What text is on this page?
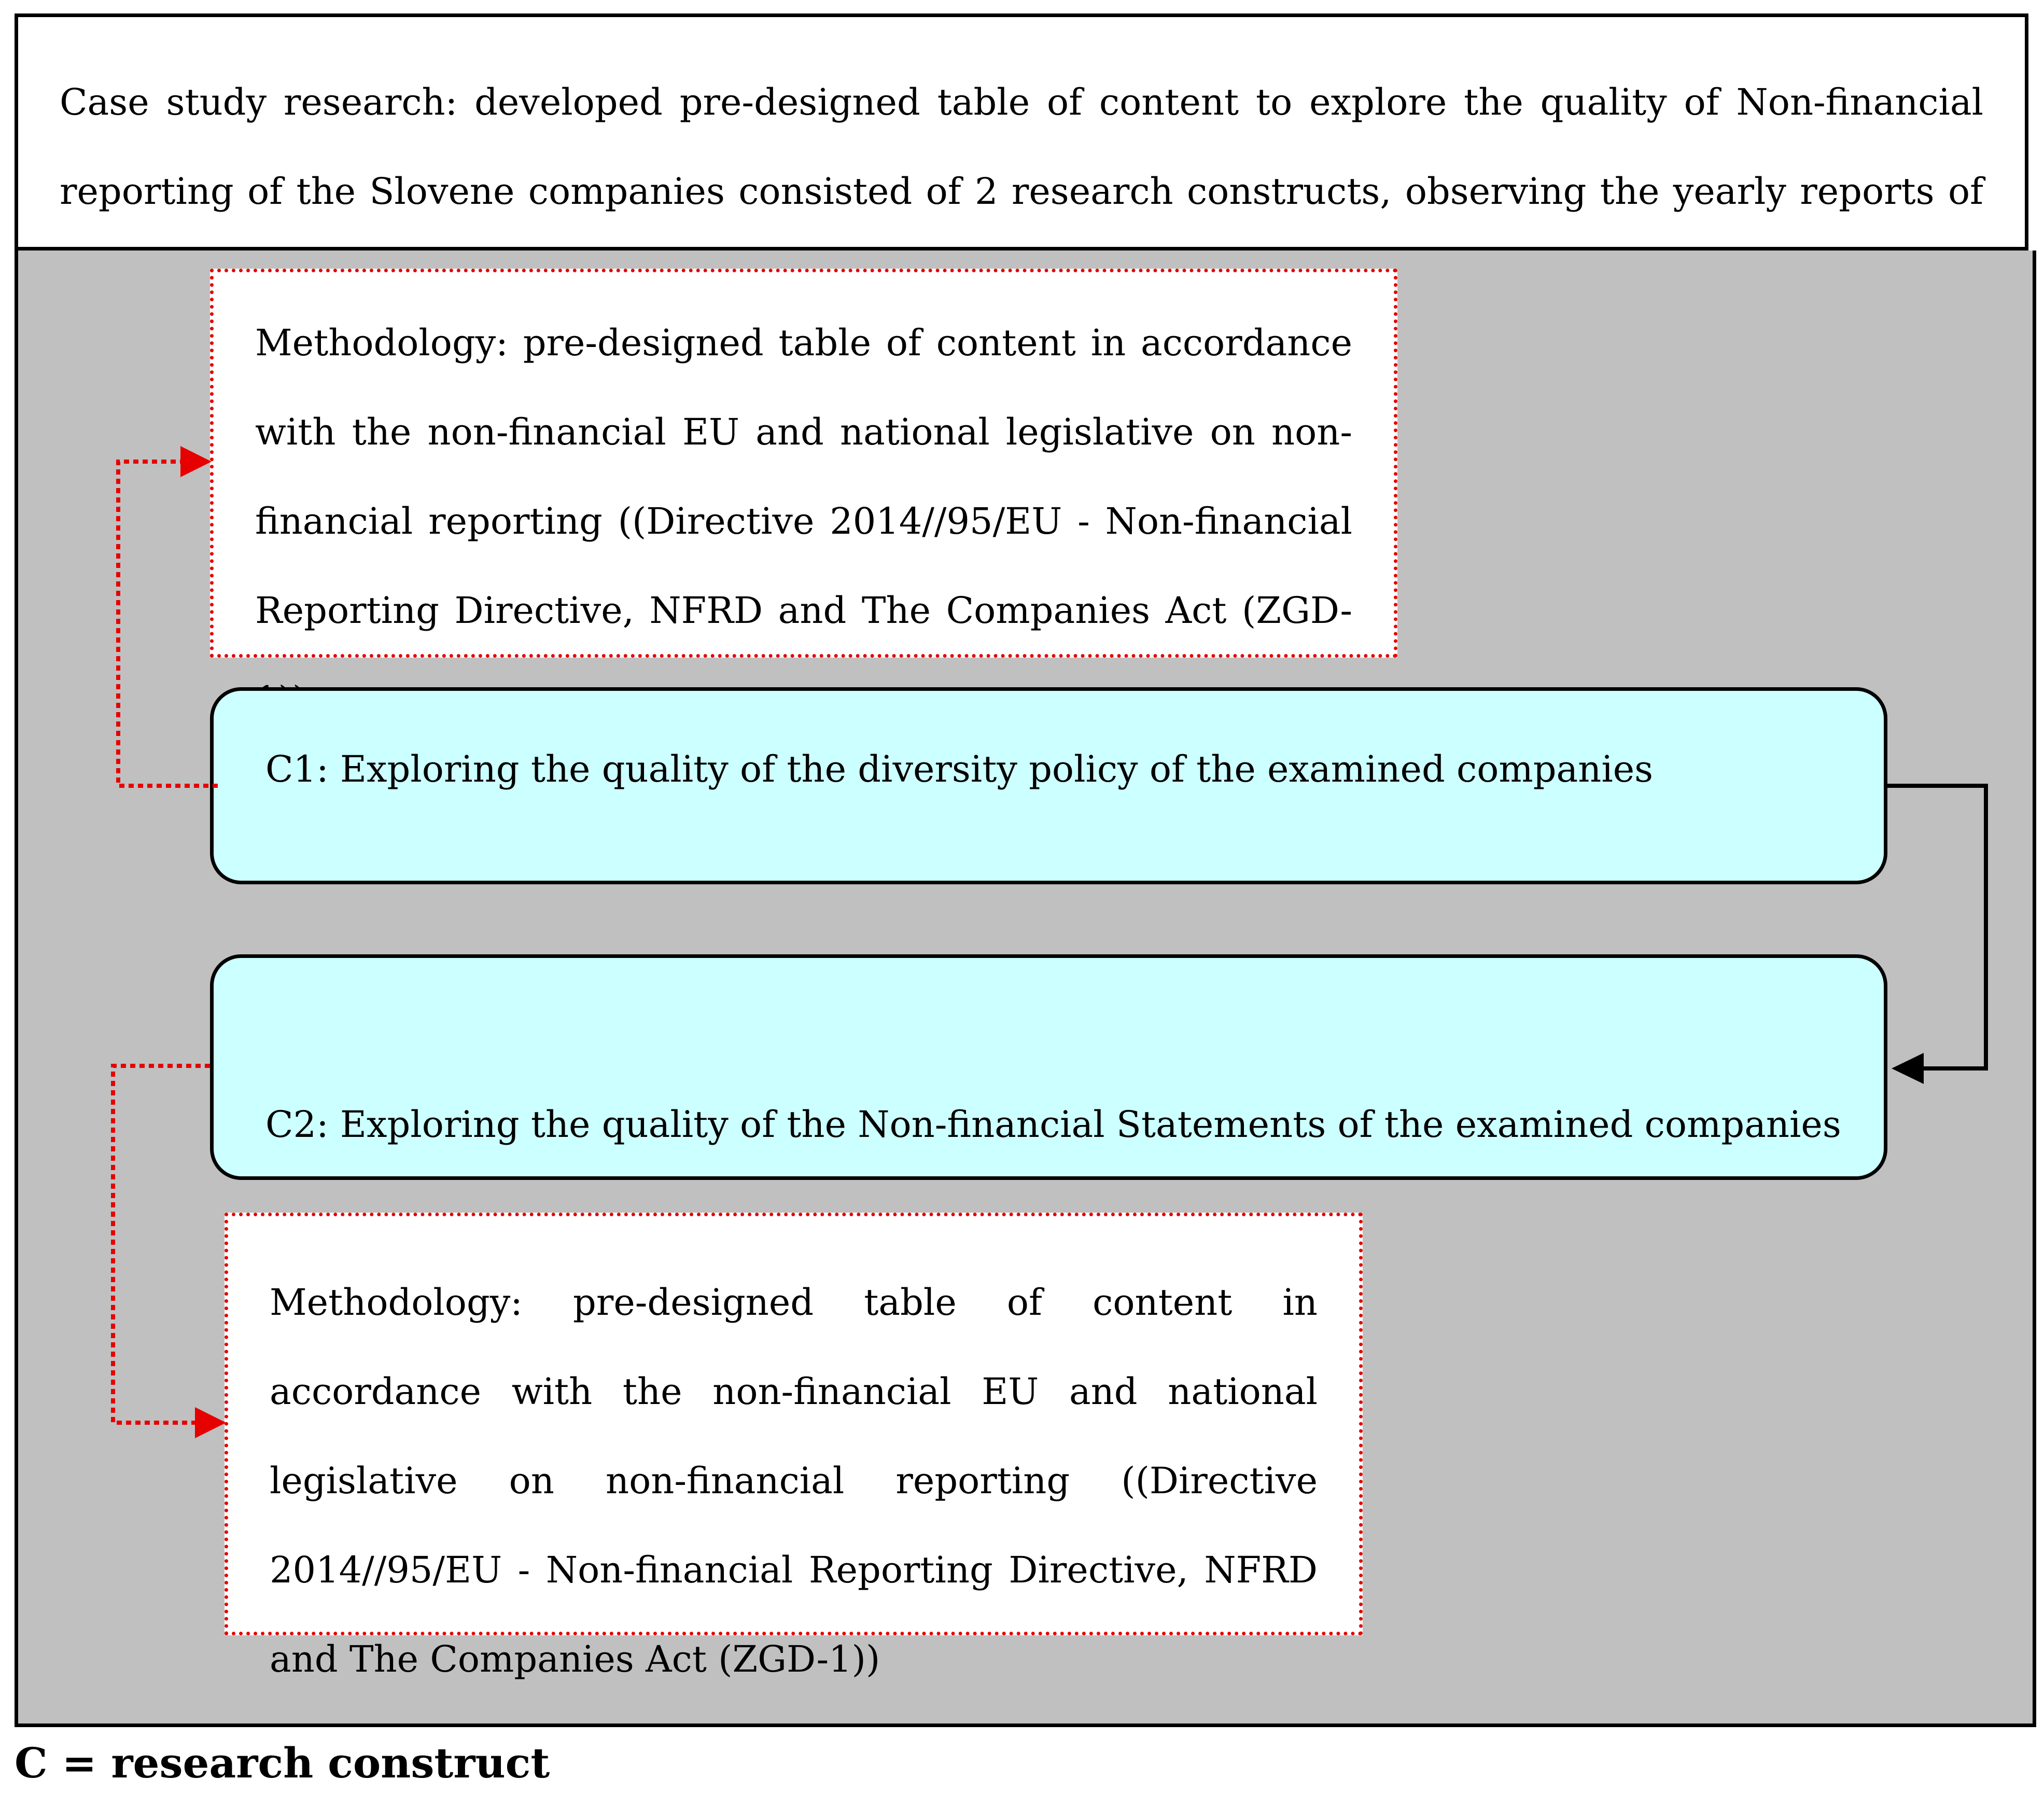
Case study research: developed pre-designed table of content to explore the quality of Non-financial reporting of the Slovene companies consisted of 2 research constructs, observing the yearly reports of
Methodology: pre-designed table of content in accordance with the non-financial EU and national legislative on non-financial reporting ((Directive 2014//95/EU - Non-financial Reporting Directive, NFRD and The Companies Act (ZGD-
C1: Exploring the quality of the diversity policy of the examined companies
C2: Exploring the quality of the Non-financial Statements of the examined companies
Methodology: pre-designed table of content in accordance with the non-financial EU and national legislative on non-financial reporting ((Directive 2014//95/EU - Non-financial Reporting Directive, NFRD and The Companies Act (ZGD-1))
C = research construct
